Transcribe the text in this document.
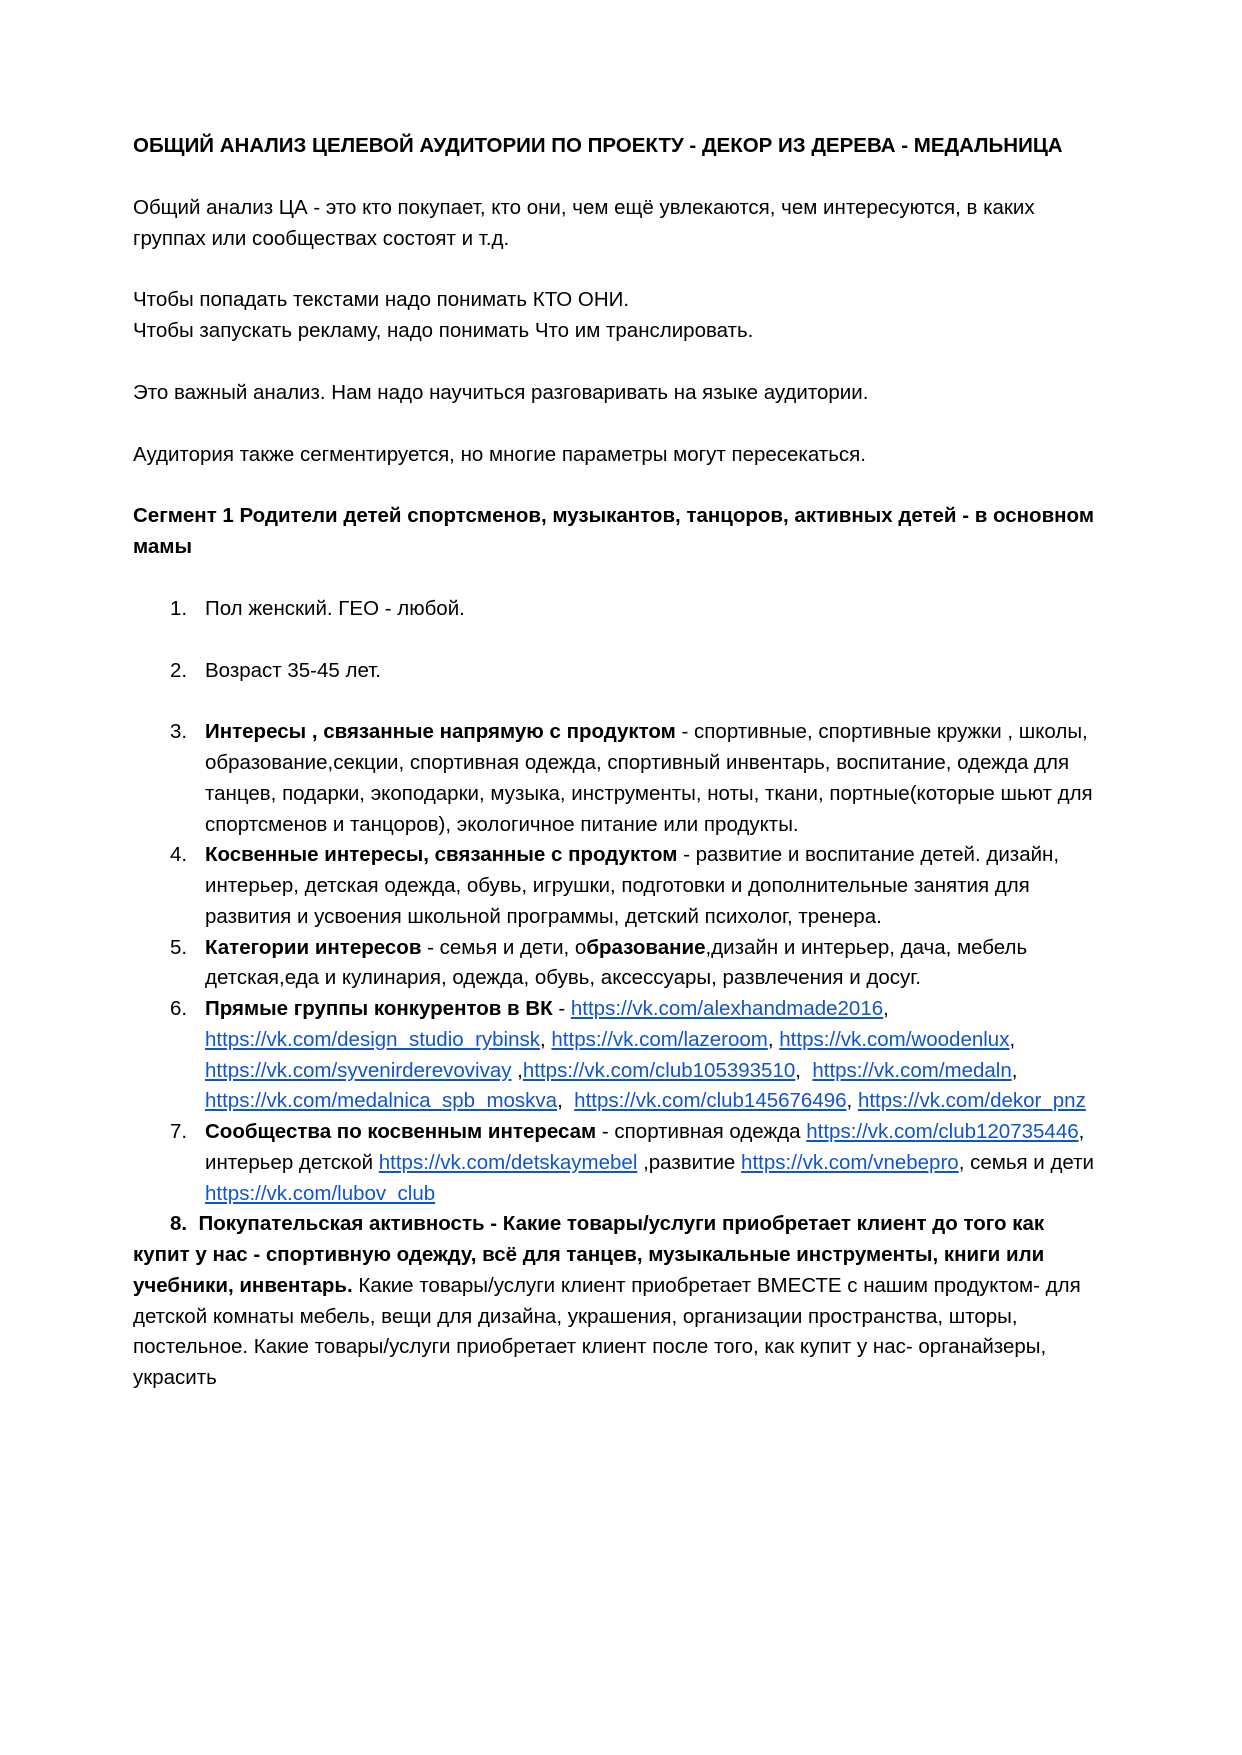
ОБЩИЙ АНАЛИЗ ЦЕЛЕВОЙ АУДИТОРИИ ПО ПРОЕКТУ - ДЕКОР ИЗ ДЕРЕВА - МЕДАЛЬНИЦА

Общий анализ ЦА - это кто покупает, кто они, чем ещё увлекаются, чем интересуются, в каких группах или сообществах состоят и т.д.

Чтобы попадать текстами надо понимать КТО ОНИ.

Чтобы запускать рекламу, надо понимать Что им транслировать.

Это важный анализ. Нам надо научиться разговаривать на языке аудитории.

Аудитория также сегментируется, но многие параметры могут пересекаться.

Сегмент 1 Родители детей спортсменов, музыкантов, танцоров, активных детей - в основном мамы

Пол женский. ГЕО - любой.
Возраст 35-45 лет.
Интересы , связанные напрямую с продуктом - спортивные, спортивные кружки , школы, образование,секции, спортивная одежда, спортивный инвентарь, воспитание, одежда для танцев, подарки, экоподарки, музыка, инструменты, ноты, ткани, портные(которые шьют для спортсменов и танцоров), экологичное питание или продукты.
Косвенные интересы, связанные с продуктом - развитие и воспитание детей. дизайн, интерьер, детская одежда, обувь, игрушки, подготовки и дополнительные занятия для развития и усвоения школьной программы, детский психолог, тренера.
Категории интересов - семья и дети, образование,дизайн и интерьер, дача, мебель детская,еда и кулинария, одежда, обувь, аксессуары, развлечения и досуг.
Прямые группы конкурентов в ВК - https://vk.com/alexhandmade2016, https://vk.com/design_studio_rybinsk, https://vk.com/lazeroom, https://vk.com/woodenlux,  https://vk.com/syvenirderevovivay ,https://vk.com/club105393510,  https://vk.com/medaln, https://vk.com/medalnica_spb_moskva,  https://vk.com/club145676496, https://vk.com/dekor_pnz
Сообщества по косвенным интересам - спортивная одежда https://vk.com/club120735446, интерьер детской https://vk.com/detskaymebel ,развитие https://vk.com/vnebepro, семья и дети https://vk.com/lubov_club
8. Покупательская активность - Какие товары/услуги приобретает клиент до того как купит у нас - спортивную одежду, всё для танцев, музыкальные инструменты, книги или учебники, инвентарь. Какие товары/услуги клиент приобретает ВМЕСТЕ с нашим продуктом- для детской комнаты мебель, вещи для дизайна, украшения, организации пространства, шторы, постельное. Какие товары/услуги приобретает клиент после того, как купит у нас- органайзеры, украсить
